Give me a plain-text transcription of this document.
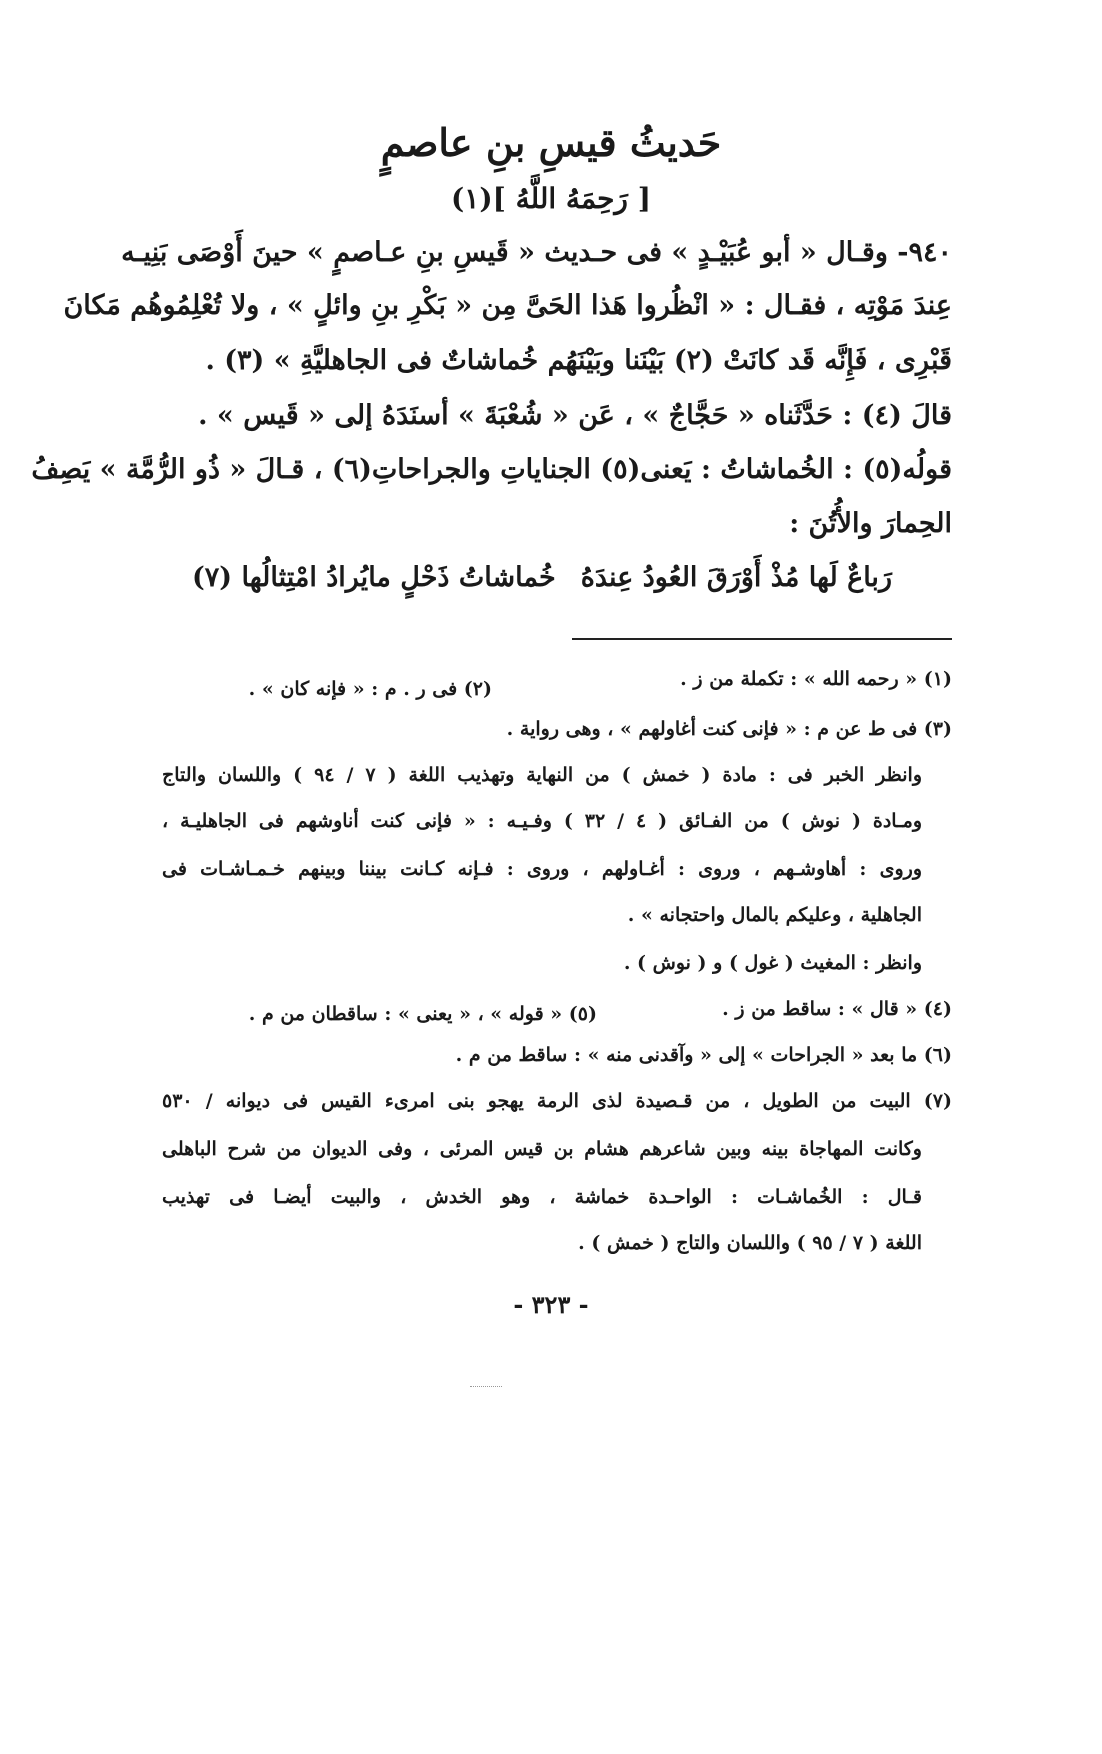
حَديثُ قيسِ بنِ عاصمٍ
[ رَحِمَهُ اللَّهُ ](١)
٩٤٠- وقـال « أبو عُبَيْـدٍ » فى حـديث « قَيسِ بنِ عـاصمٍ » حينَ أَوْصَى بَنِيـه
عِندَ مَوْتِه ، فقـال : « انْظُروا هَذا الحَىَّ مِن « بَكْرِ بنِ وائلٍ » ، ولا تُعْلِمُوهُم مَكانَ
قَبْرِى ، فَإِنَّه قَد كانَتْ (٢) بَيْنَنا وبَيْنَهُم خُماشاتٌ فى الجاهليَّةِ » (٣) .
قالَ (٤) : حَدَّثَناه « حَجَّاجٌ » ، عَن « شُعْبَةَ » أسنَدَهُ إلى « قَيس » .
قولُه(٥) : الخُماشاتُ : يَعنى(٥) الجناياتِ والجراحاتِ(٦) ، قـالَ « ذُو الرُّمَّة » يَصِفُ
الحِمارَ والأُتُنَ :
رَباعٌ لَها مُذْ أَوْرَقَ العُودُ عِندَهُ
خُماشاتُ ذَحْلٍ مايُرادُ امْتِثالُها (٧)
(١) « رحمه الله » : تكملة من ز .
(٢) فى ر . م : « فإنه كان » .
(٣) فى ط عن م : « فإنى كنت أغاولهم » ، وهى رواية .
وانظر الخبر فى : مادة ( خمش ) من النهاية وتهذيب اللغة ( ٧ / ٩٤ ) واللسان والتاج
ومـادة ( نوش ) من الفـائق ( ٤ / ٣٢ ) وفـيـه : « فإنى كنت أناوشهم فى الجاهليـة ،
وروى : أهاوشـهم ، وروى : أغـاولهم ، وروى : فـإنه كـانت بيننا وبينهم خـمـاشـات فى
الجاهلية ، وعليكم بالمال واحتجانه » .
وانظر : المغيث ( غول ) و ( نوش ) .
(٤) « قال » : ساقط من ز .
(٥) « قوله » ، « يعنى » : ساقطان من م .
(٦) ما بعد « الجراحات » إلى « وآقدنى منه » : ساقط من م .
(٧) البيت من الطويل ، من قـصيدة لذى الرمة يهجو بنى امرىء القيس فى ديوانه / ٥٣٠
وكانت المهاجاة بينه وبين شاعرهم هشام بن قيس المرئى ، وفى الديوان من شرح الباهلى
قـال : الخُماشـات : الواحـدة خماشة ، وهو الخدش ، والبيت أيضـا فى تهذيب
اللغة ( ٧ / ٩٥ ) واللسان والتاج ( خمش ) .
- ٣٢٣ -
